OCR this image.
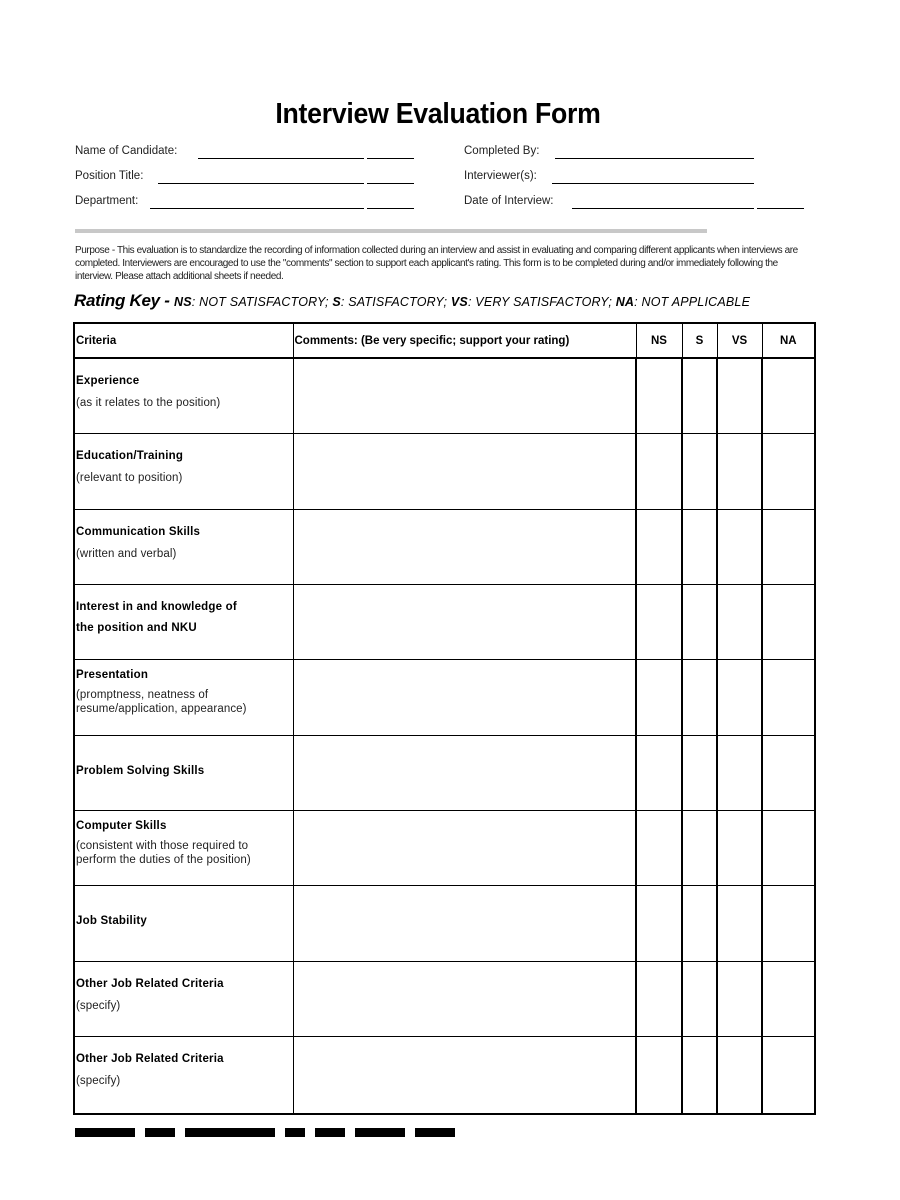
Interview Evaluation Form
Name of Candidate:
Position Title:
Department:
Completed By:
Interviewer(s):
Date of Interview:
Purpose - This evaluation is to standardize the recording of information collected during an interview and assist in evaluating and comparing different applicants when interviews are completed. Interviewers are encouraged to use the "comments" section to support each applicant's rating. This form is to be completed during and/or immediately following the interview. Please attach additional sheets if needed.
Rating Key - NS: NOT SATISFACTORY; S: SATISFACTORY; VS: VERY SATISFACTORY; NA: NOT APPLICABLE
Criteria	Comments: (Be very specific; support your rating)	NS	S	VS	NA

Experience
(as it relates to the position)					

Education/Training
(relevant to position)					

Communication Skills
(written and verbal)					

Interest in and knowledge of
the position and NKU					

Presentation
(promptness, neatness of
resume/application, appearance)					

Problem Solving Skills					

Computer Skills
(consistent with those required to
perform the duties of the position)					

Job Stability					

Other Job Related Criteria
(specify)					

Other Job Related Criteria
(specify)					
